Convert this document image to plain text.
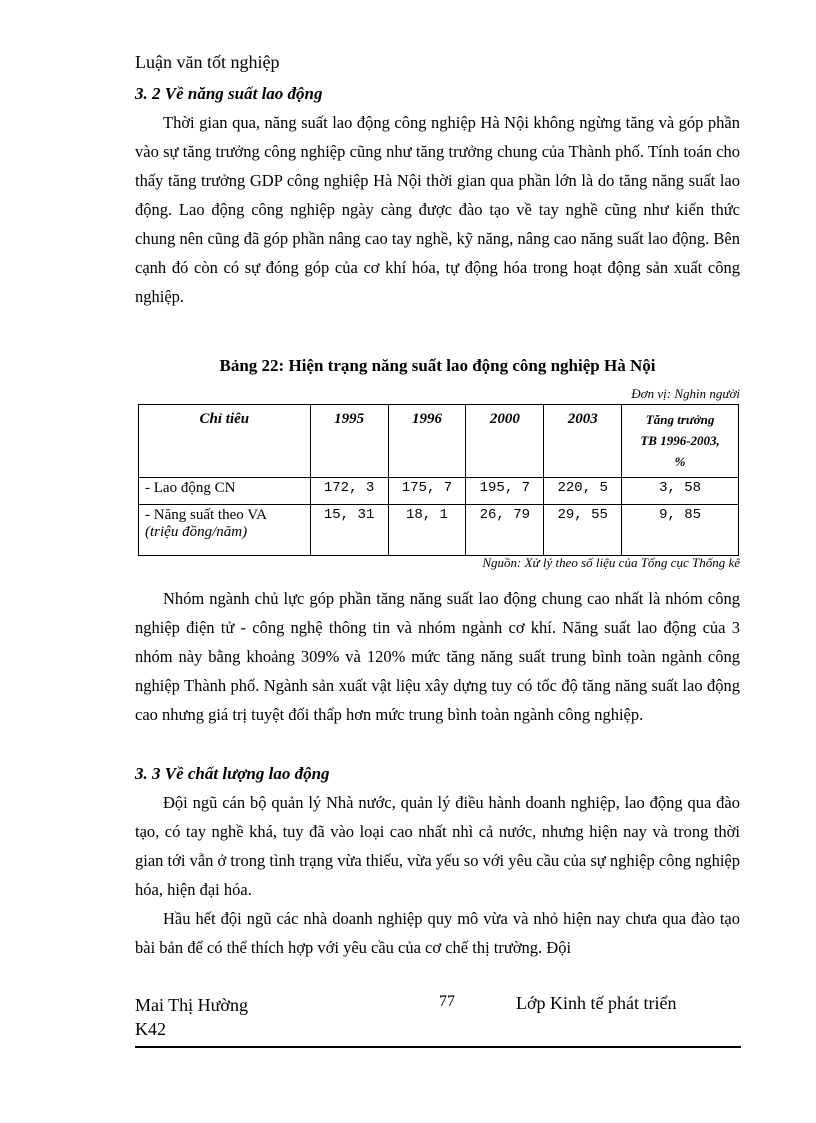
Luận văn tốt nghiệp
3. 2 Về năng suất lao động

Thời gian qua, năng suất lao động công nghiệp Hà Nội không ngừng tăng và góp phần vào sự tăng trưởng công nghiệp cũng như tăng trưởng chung của Thành phố. Tính toán cho thấy tăng trưởng GDP công nghiệp Hà Nội thời gian qua phần lớn là do tăng năng suất lao động. Lao động công nghiệp ngày càng được đào tạo về tay nghề cũng như kiến thức chung nên cũng đã góp phần nâng cao tay nghề, kỹ năng, nâng cao năng suất lao động. Bên cạnh đó còn có sự đóng góp của cơ khí hóa, tự động hóa trong hoạt động sản xuất công nghiệp.

Bảng 22: Hiện trạng năng suất lao động công nghiệp Hà Nội
Đơn vị: Nghìn người
Chỉ tiêu	1995	1996	2000	2003	Tăng trưởng
TB 1996-2003,
%

- Lao động CN	172, 3	175, 7	195, 7	220, 5	3, 58

- Năng suất theo VA
(triệu đồng/năm)	15, 31	18, 1	26, 79	29, 55	9, 85
Nguồn: Xử lý theo số liệu của Tổng cục Thống kê

Nhóm ngành chủ lực góp phần tăng năng suất lao động chung cao nhất là nhóm công nghiệp điện tử - công nghệ thông tin và nhóm ngành cơ khí. Năng suất lao động của 3 nhóm này bằng khoảng 309% và 120% mức tăng năng suất trung bình toàn ngành công nghiệp Thành phố. Ngành sản xuất vật liệu xây dựng tuy có tốc độ tăng năng suất lao động cao nhưng giá trị tuyệt đối thấp hơn mức trung bình toàn ngành công nghiệp.

3. 3 Về chất lượng lao động

Đội ngũ cán bộ quản lý Nhà nước, quản lý điều hành doanh nghiệp, lao động qua đào tạo, có tay nghề khá, tuy đã vào loại cao nhất nhì cả nước, nhưng hiện nay và trong thời gian tới vẫn ở trong tình trạng vừa thiếu, vừa yếu so với yêu cầu của sự nghiệp công nghiệp hóa, hiện đại hóa.

Hầu hết đội ngũ các nhà doanh nghiệp quy mô vừa và nhỏ hiện nay chưa qua đào tạo bài bản để có thể thích hợp với yêu cầu của cơ chế thị trường. Đội

Mai Thị Hường
K42
77	Lớp Kinh tế phát triển
